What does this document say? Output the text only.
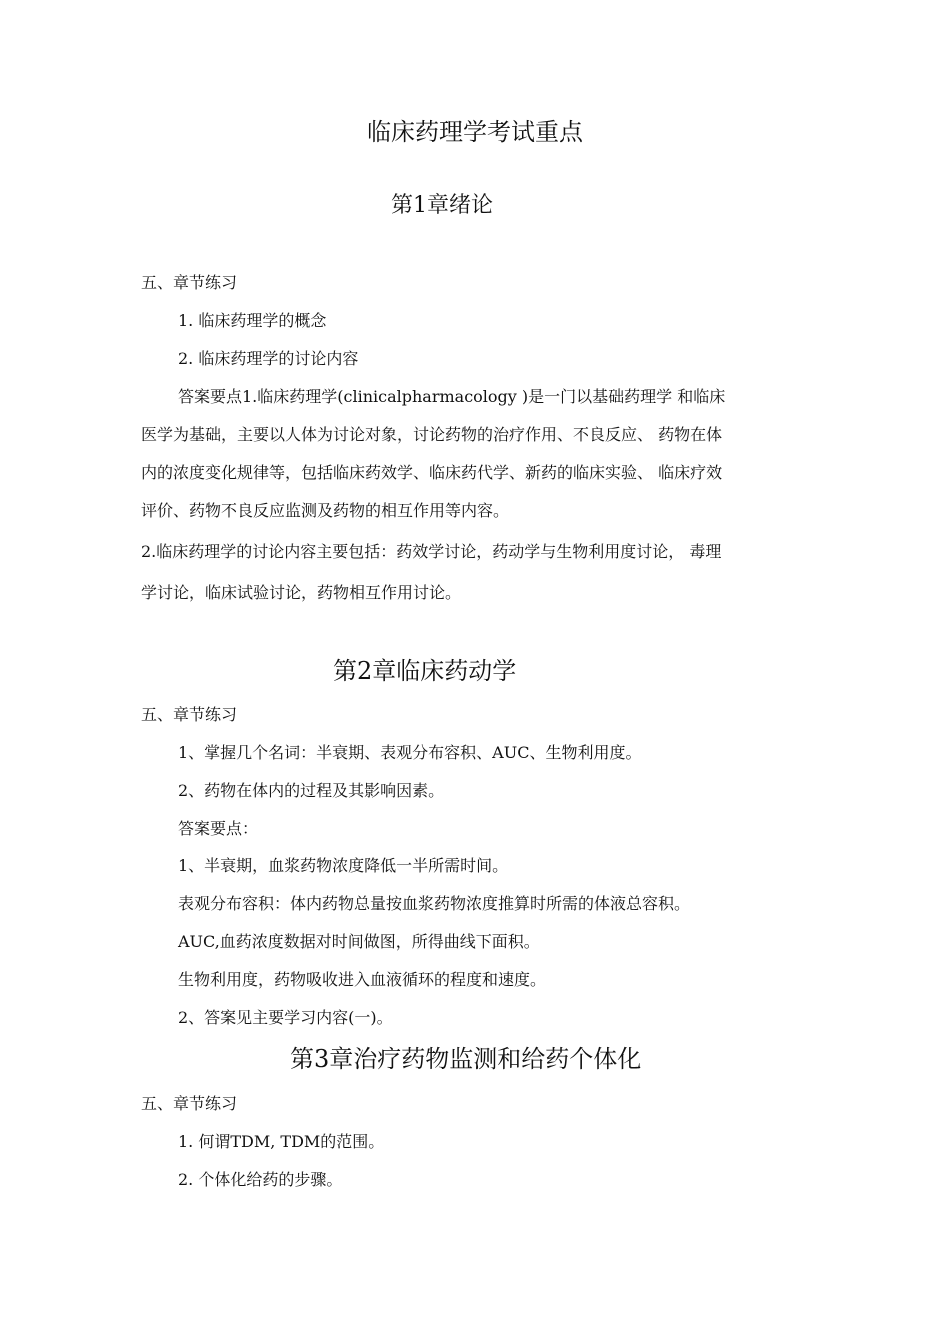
临床药理学考试重点
第1章绪论
五、章节练习
1. 临床药理学的概念
2. 临床药理学的讨论内容
答案要点1.临床药理学(clinicalpharmacology )是一门以基础药理学 和临床
医学为基础，主要以人体为讨论对象，讨论药物的治疗作用、不良反应、 药物在体
内的浓度变化规律等，包括临床药效学、临床药代学、新药的临床实验、 临床疗效
评价、药物不良反应监测及药物的相互作用等内容。
2.临床药理学的讨论内容主要包括：药效学讨论，药动学与生物利用度讨论， 毒理
学讨论，临床试验讨论，药物相互作用讨论。
第2章临床药动学
五、章节练习
1、掌握几个名词：半衰期、表观分布容积、AUC、生物利用度。
2、药物在体内的过程及其影响因素。
答案要点：
1、半衰期，血浆药物浓度降低一半所需时间。
表观分布容积：体内药物总量按血浆药物浓度推算时所需的体液总容积。
AUC,血药浓度数据对时间做图，所得曲线下面积。
生物利用度，药物吸收进入血液循环的程度和速度。
2、答案见主要学习内容(一)。
第3章治疗药物监测和给药个体化
五、章节练习
1. 何谓TDM, TDM的范围。
2. 个体化给药的步骤。
